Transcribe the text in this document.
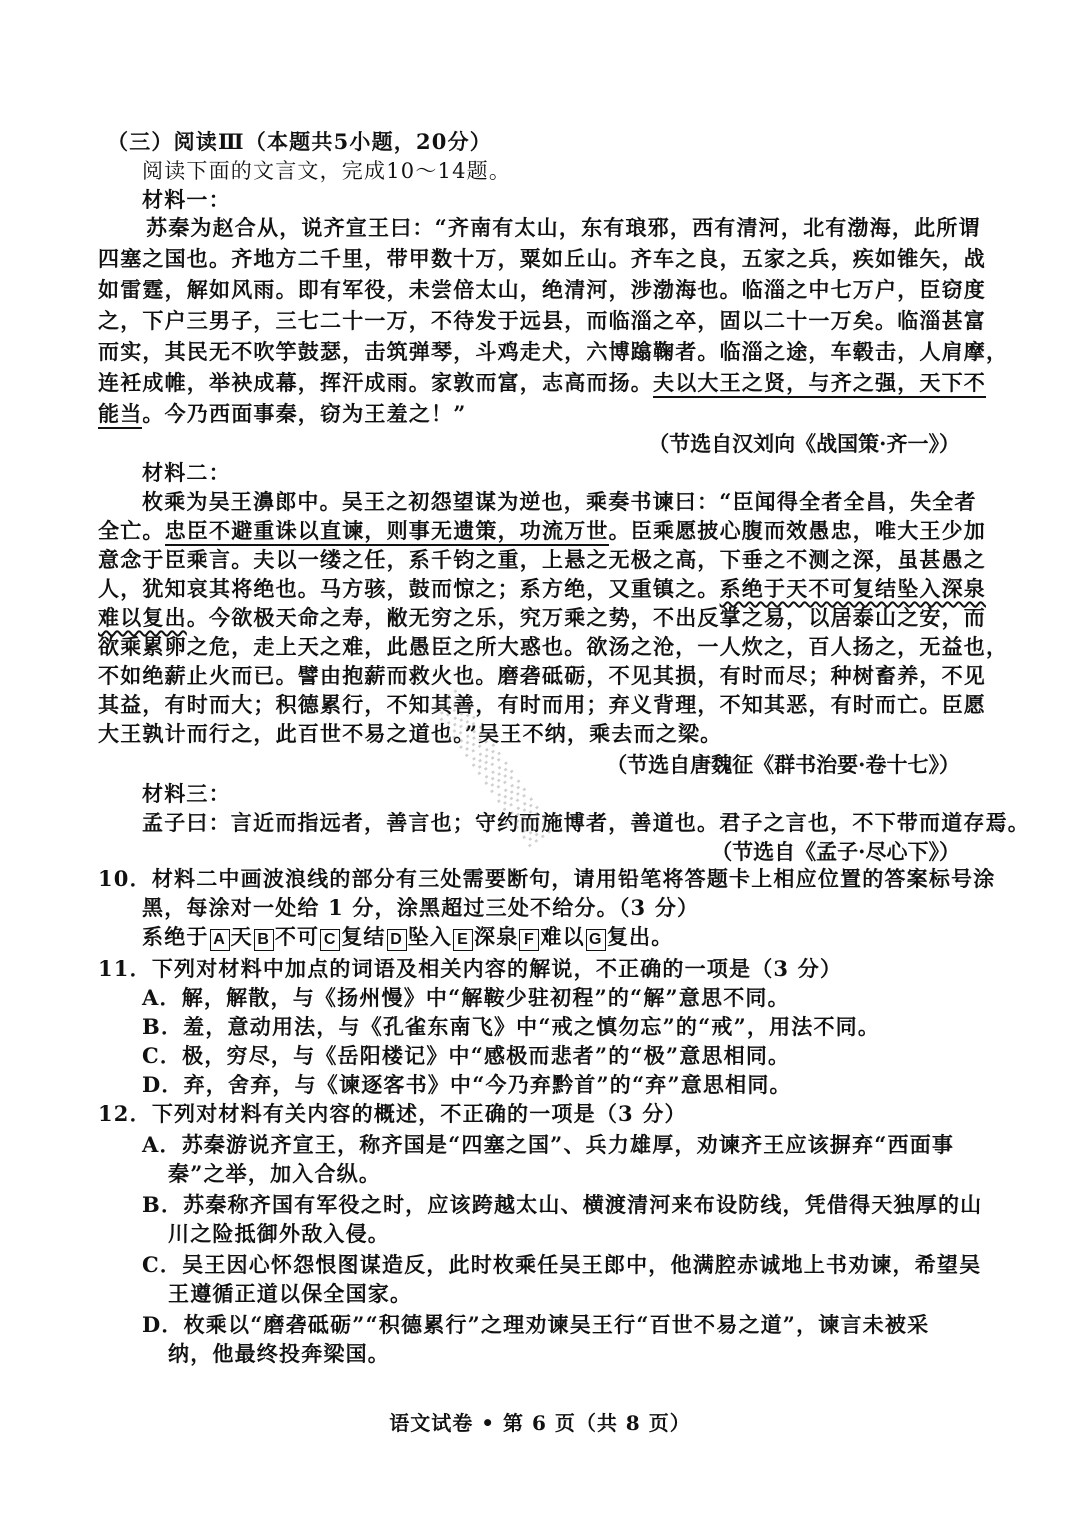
（三）阅读Ⅲ（本题共5小题，20分）
阅读下面的文言文，完成10～14题。
材料一：
苏秦为赵合从，说齐宣王曰：“齐南有太山，东有琅邪，西有清河，北有渤海，此所谓
四塞之国也。齐地方二千里，带甲数十万，粟如丘山。齐车之良，五家之兵，疾如锥矢，战
如雷霆，解如风雨。即有军役，未尝倍太山，绝清河，涉渤海也。临淄之中七万户，臣窃度
之，下户三男子，三七二十一万，不待发于远县，而临淄之卒，固以二十一万矣。临淄甚富
而实，其民无不吹竽鼓瑟，击筑弹琴，斗鸡走犬，六博蹹鞠者。临淄之途，车毂击，人肩摩，
连衽成帷，举袂成幕，挥汗成雨。家敦而富，志高而扬。夫以大王之贤，与齐之强，天下不
能当。今乃西面事秦，窃为王羞之！”
（节选自汉刘向《战国策·齐一》）
材料二：
枚乘为吴王濞郎中。吴王之初怨望谋为逆也，乘奏书谏曰：“臣闻得全者全昌，失全者
全亡。忠臣不避重诛以直谏，则事无遗策，功流万世。臣乘愿披心腹而效愚忠，唯大王少加
意念于臣乘言。夫以一缕之任，系千钧之重，上悬之无极之高，下垂之不测之深，虽甚愚之
人，犹知哀其将绝也。马方骇，鼓而惊之；系方绝，又重镇之。系绝于天不可复结坠入深泉
难以复出。今欲极天命之寿，敝无穷之乐，究万乘之势，不出反掌之易，以居泰山之安，而
欲乘累卵之危，走上天之难，此愚臣之所大惑也。欲汤之沧，一人炊之，百人扬之，无益也，
不如绝薪止火而已。譬由抱薪而救火也。磨砻砥砺，不见其损，有时而尽；种树畜养，不见
其益，有时而大；积德累行，不知其善，有时而用；弃义背理，不知其恶，有时而亡。臣愿
大王孰计而行之，此百世不易之道也。”吴王不纳，乘去而之梁。
（节选自唐魏征《群书治要·卷十七》）
材料三：
孟子曰：言近而指远者，善言也；守约而施博者，善道也。君子之言也，不下带而道存焉。
（节选自《孟子·尽心下》）
10．材料二中画波浪线的部分有三处需要断句，请用铅笔将答题卡上相应位置的答案标号涂
黑，每涂对一处给 1 分，涂黑超过三处不给分。（3 分）
系绝于 A 天 B 不可 C 复结 D 坠入 E 深泉 F 难以 G 复出。
11．下列对材料中加点的词语及相关内容的解说，不正确的一项是（3 分）
A．解，解散，与《扬州慢》中“解鞍少驻初程”的“解”意思不同。
B．羞，意动用法，与《孔雀东南飞》中“戒之慎勿忘”的“戒”，用法不同。
C．极，穷尽，与《岳阳楼记》中“感极而悲者”的“极”意思相同。
D．弃，舍弃，与《谏逐客书》中“今乃弃黔首”的“弃”意思相同。
12．下列对材料有关内容的概述，不正确的一项是（3 分）
A．苏秦游说齐宣王，称齐国是“四塞之国”、兵力雄厚，劝谏齐王应该摒弃“西面事
秦”之举，加入合纵。
B．苏秦称齐国有军役之时，应该跨越太山、横渡清河来布设防线，凭借得天独厚的山
川之险抵御外敌入侵。
C．吴王因心怀怨恨图谋造反，此时枚乘任吴王郎中，他满腔赤诚地上书劝谏，希望吴
王遵循正道以保全国家。
D．枚乘以“磨砻砥砺”“积德累行”之理劝谏吴王行“百世不易之道”，谏言未被采
纳，他最终投奔梁国。
语文试卷 • 第 6 页（共 8 页）
░░░░░░░░
